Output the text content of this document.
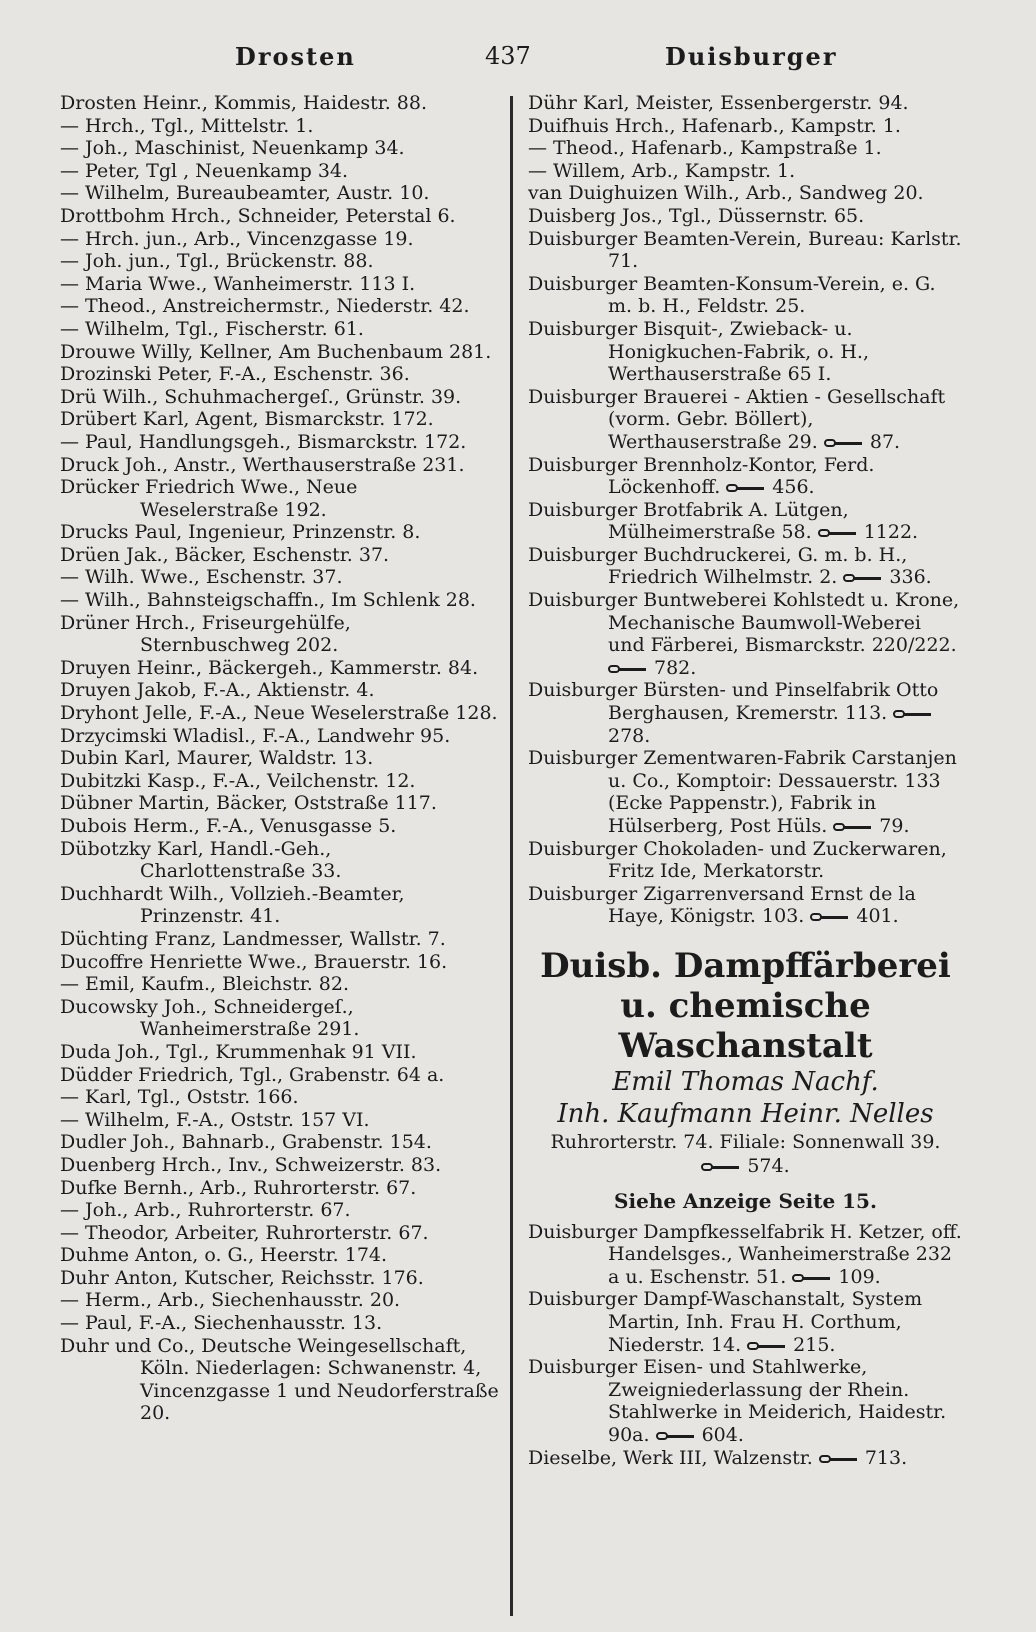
Drosten	437	Duisburger
Drosten Heinr., Kommis, Haidestr. 88.
— Hrch., Tgl., Mittelstr. 1.
— Joh., Maschinist, Neuenkamp 34.
— Peter, Tgl , Neuenkamp 34.
— Wilhelm, Bureaubeamter, Austr. 10.
Drottbohm Hrch., Schneider, Peterstal 6.
— Hrch. jun., Arb., Vincenzgasse 19.
— Joh. jun., Tgl., Brückenstr. 88.
— Maria Wwe., Wanheimerstr. 113 I.
— Theod., Anstreichermstr., Niederstr. 42.
— Wilhelm, Tgl., Fischerstr. 61.
Drouwe Willy, Kellner, Am Buchenbaum 281.
Drozinski Peter, F.-A., Eschenstr. 36.
Drü Wilh., Schuhmachergeſ., Grünstr. 39.
Drübert Karl, Agent, Bismarckstr. 172.
— Paul, Handlungsgeh., Bismarckstr. 172.
Druck Joh., Anstr., Werthauserstraße 231.
Drücker Friedrich Wwe., Neue Weselerstraße 192.
Drucks Paul, Ingenieur, Prinzenstr. 8.
Drüen Jak., Bäcker, Eschenstr. 37.
— Wilh. Wwe., Eschenstr. 37.
— Wilh., Bahnsteigschaffn., Im Schlenk 28.
Drüner Hrch., Friseurgehülfe, Sternbuschweg 202.
Druyen Heinr., Bäckergeh., Kammerstr. 84.
Druyen Jakob, F.-A., Aktienstr. 4.
Dryhont Jelle, F.-A., Neue Weselerstraße 128.
Drzycimski Wladisl., F.-A., Landwehr 95.
Dubin Karl, Maurer, Waldstr. 13.
Dubitzki Kasp., F.-A., Veilchenstr. 12.
Dübner Martin, Bäcker, Oststraße 117.
Dubois Herm., F.-A., Venusgasse 5.
Dübotzky Karl, Handl.-Geh., Charlottenstraße 33.
Duchhardt Wilh., Vollzieh.-Beamter, Prinzenstr. 41.
Düchting Franz, Landmesser, Wallstr. 7.
Ducoffre Henriette Wwe., Brauerstr. 16.
— Emil, Kaufm., Bleichstr. 82.
Ducowsky Joh., Schneidergeſ., Wanheimerstraße 291.
Duda Joh., Tgl., Krummenhak 91 VII.
Düdder Friedrich, Tgl., Grabenstr. 64 a.
— Karl, Tgl., Oststr. 166.
— Wilhelm, F.-A., Oststr. 157 VI.
Dudler Joh., Bahnarb., Grabenstr. 154.
Duenberg Hrch., Inv., Schweizerstr. 83.
Dufke Bernh., Arb., Ruhrorterstr. 67.
— Joh., Arb., Ruhrorterstr. 67.
— Theodor, Arbeiter, Ruhrorterstr. 67.
Duhme Anton, o. G., Heerstr. 174.
Duhr Anton, Kutscher, Reichsstr. 176.
— Herm., Arb., Siechenhausstr. 20.
— Paul, F.-A., Siechenhausstr. 13.
Duhr und Co., Deutsche Weingesellschaft, Köln. Niederlagen: Schwanenstr. 4, Vincenzgasse 1 und Neudorferstraße 20.
Dühr Karl, Meister, Essenbergerstr. 94.
Duifhuis Hrch., Hafenarb., Kampstr. 1.
— Theod., Hafenarb., Kampstraße 1.
— Willem, Arb., Kampstr. 1.
van Duighuizen Wilh., Arb., Sandweg 20.
Duisberg Jos., Tgl., Düssernstr. 65.
Duisburger Beamten-Verein, Bureau: Karlstr. 71.
Duisburger Beamten-Konsum-Verein, e. G. m. b. H., Feldstr. 25.
Duisburger Bisquit-, Zwieback- u. Honigkuchen-Fabrik, o. H., Werthauserstraße 65 I.
Duisburger Brauerei - Aktien - Gesellschaft (vorm. Gebr. Böllert), Werthauserstraße 29.	87.
Duisburger Brennholz-Kontor, Ferd. Löckenhoff.	456.
Duisburger Brotfabrik A. Lütgen, Mülheimerstraße 58.	1122.
Duisburger Buchdruckerei, G. m. b. H., Friedrich Wilhelmstr. 2.	336.
Duisburger Buntweberei Kohlstedt u. Krone, Mechanische Baumwoll-Weberei und Färberei, Bismarckstr. 220/222. 782.
Duisburger Bürsten- und Pinselfabrik Otto Berghausen, Kremerstr. 113. 278.
Duisburger Zementwaren-Fabrik Carstanjen u. Co., Komptoir: Dessauerstr. 133 (Ecke Pappenstr.), Fabrik in Hülserberg, Post Hüls.	79.
Duisburger Chokoladen- und Zuckerwaren, Fritz Ide, Merkatorstr.
Duisburger Zigarrenversand Ernst de la Haye, Königstr. 103.	401.
Duisb. Dampffärberei
u. chemische Waschanstalt
Emil Thomas Nachf.
Inh. Kaufmann Heinr. Nelles
Ruhrorterstr. 74. Filiale: Sonnenwall 39.
574.
Siehe Anzeige Seite 15.
Duisburger Dampfkesselfabrik H. Ketzer, off. Handelsges., Wanheimerstraße 232 a u. Eschenstr. 51.	109.
Duisburger Dampf-Waschanstalt, System Martin, Inh. Frau H. Corthum, Niederstr. 14.	215.
Duisburger Eisen- und Stahlwerke, Zweigniederlassung der Rhein. Stahlwerke in Meiderich, Haidestr. 90a.	604.
Dieselbe, Werk III, Walzenstr.	713.
